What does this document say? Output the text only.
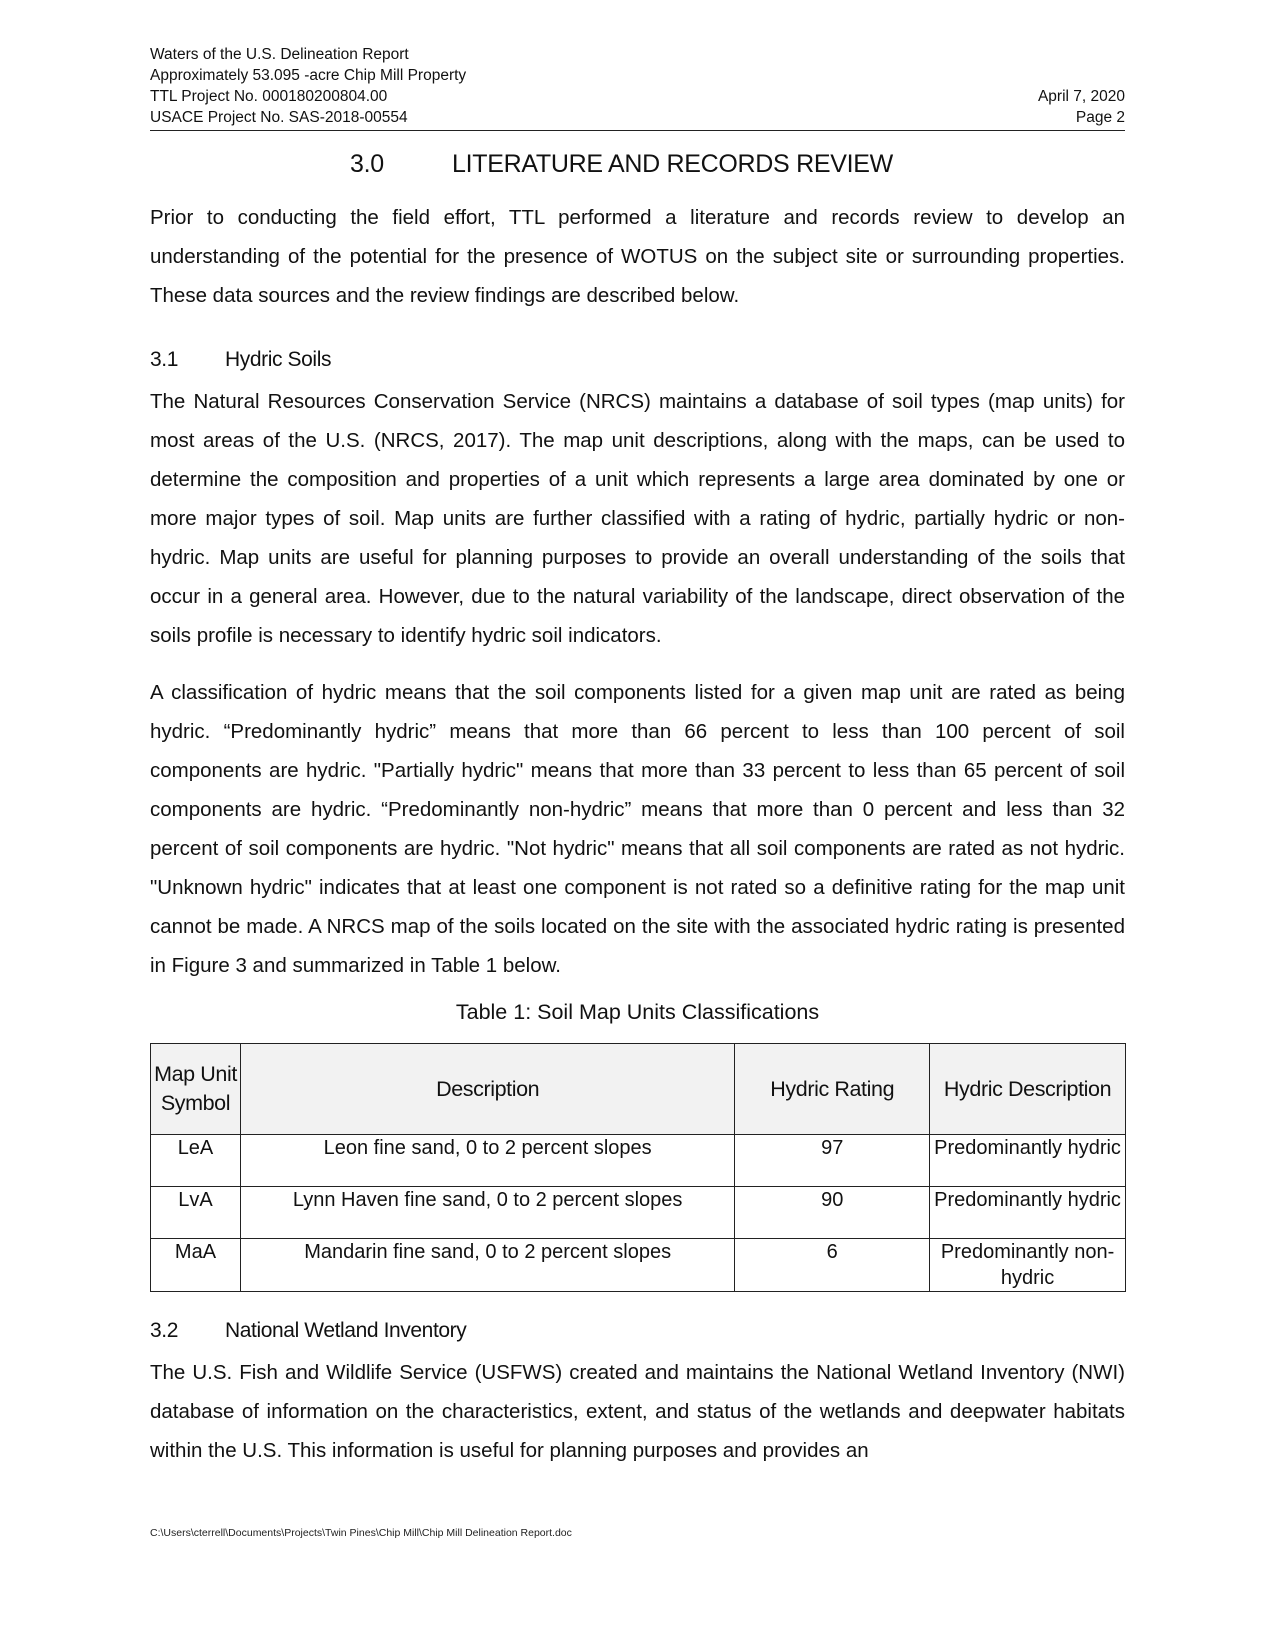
Waters of the U.S. Delineation Report
Approximately 53.095 -acre Chip Mill Property
TTL Project No. 000180200804.00
USACE Project No. SAS-2018-00554
April 7, 2020
Page 2
3.0	LITERATURE AND RECORDS REVIEW

Prior to conducting the field effort, TTL performed a literature and records review to develop an understanding of the potential for the presence of WOTUS on the subject site or surrounding properties. These data sources and the review findings are described below.

3.1 Hydric Soils

The Natural Resources Conservation Service (NRCS) maintains a database of soil types (map units) for most areas of the U.S. (NRCS, 2017). The map unit descriptions, along with the maps, can be used to determine the composition and properties of a unit which represents a large area dominated by one or more major types of soil. Map units are further classified with a rating of hydric, partially hydric or non-hydric. Map units are useful for planning purposes to provide an overall understanding of the soils that occur in a general area. However, due to the natural variability of the landscape, direct observation of the soils profile is necessary to identify hydric soil indicators.

A classification of hydric means that the soil components listed for a given map unit are rated as being hydric. “Predominantly hydric” means that more than 66 percent to less than 100 percent of soil components are hydric. "Partially hydric" means that more than 33 percent to less than 65 percent of soil components are hydric. “Predominantly non-hydric” means that more than 0 percent and less than 32 percent of soil components are hydric. "Not hydric" means that all soil components are rated as not hydric. "Unknown hydric" indicates that at least one component is not rated so a definitive rating for the map unit cannot be made. A NRCS map of the soils located on the site with the associated hydric rating is presented in Figure 3 and summarized in Table 1 below.

Table 1: Soil Map Units Classifications
Map Unit Symbol	Description	Hydric Rating	Hydric Description
LeA	Leon fine sand, 0 to 2 percent slopes	97	Predominantly hydric
LvA	Lynn Haven fine sand, 0 to 2 percent slopes	90	Predominantly hydric
MaA	Mandarin fine sand, 0 to 2 percent slopes	6	Predominantly non-hydric
3.2 National Wetland Inventory

The U.S. Fish and Wildlife Service (USFWS) created and maintains the National Wetland Inventory (NWI) database of information on the characteristics, extent, and status of the wetlands and deepwater habitats within the U.S. This information is useful for planning purposes and provides an

C:\Users\cterrell\Documents\Projects\Twin Pines\Chip Mill\Chip Mill Delineation Report.doc
